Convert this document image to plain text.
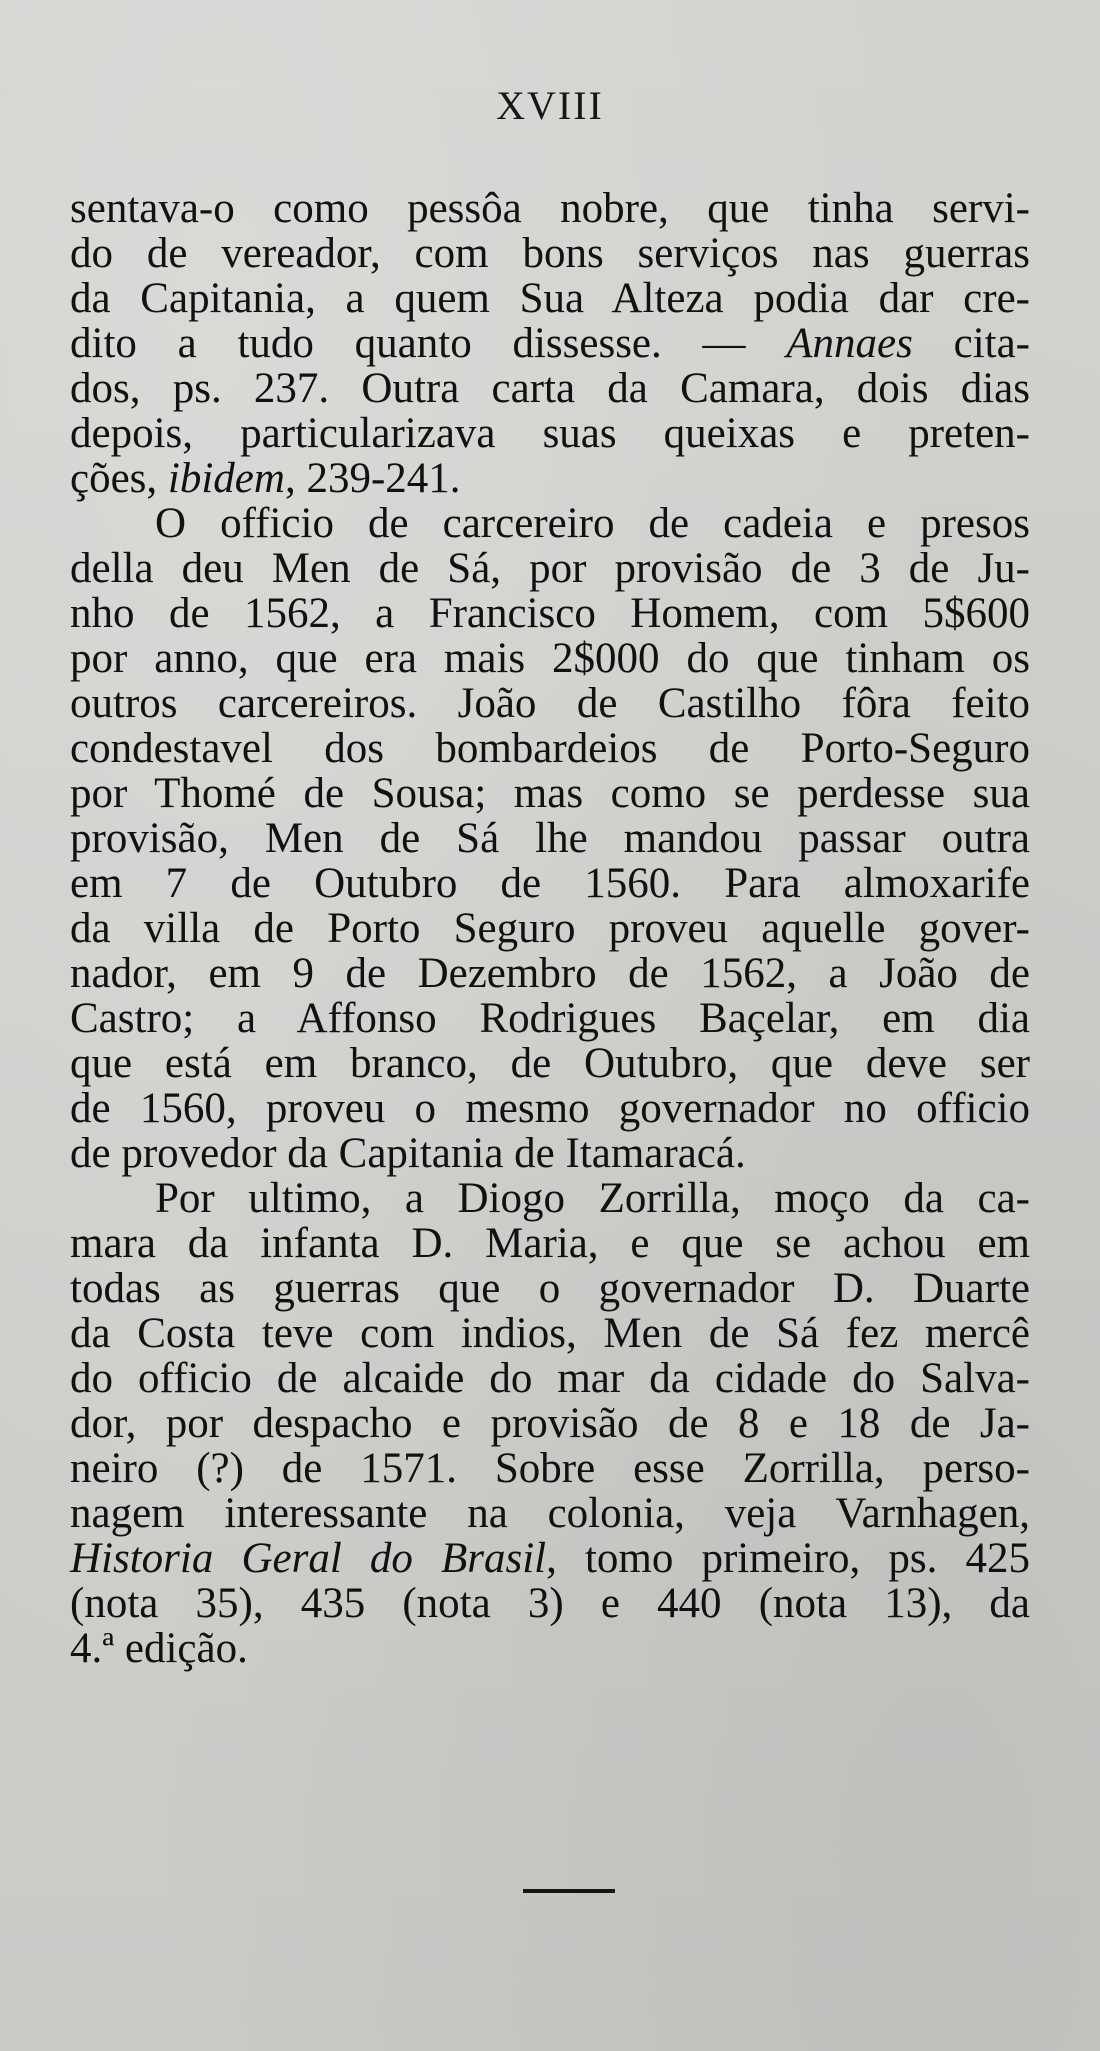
XVIII
sentava-o como pessôa nobre, que tinha servi-
do de vereador, com bons serviços nas guerras
da Capitania, a quem Sua Alteza podia dar cre-
dito a tudo quanto dissesse. — Annaes cita-
dos, ps. 237. Outra carta da Camara, dois dias
depois, particularizava suas queixas e preten-
ções, ibidem, 239-241.
O officio de carcereiro de cadeia e presos
della deu Men de Sá, por provisão de 3 de Ju-
nho de 1562, a Francisco Homem, com 5$600
por anno, que era mais 2$000 do que tinham os
outros carcereiros. João de Castilho fôra feito
condestavel dos bombardeios de Porto-Seguro
por Thomé de Sousa; mas como se perdesse sua
provisão, Men de Sá lhe mandou passar outra
em 7 de Outubro de 1560. Para almoxarife
da villa de Porto Seguro proveu aquelle gover-
nador, em 9 de Dezembro de 1562, a João de
Castro; a Affonso Rodrigues Baçelar, em dia
que está em branco, de Outubro, que deve ser
de 1560, proveu o mesmo governador no officio
de provedor da Capitania de Itamaracá.
Por ultimo, a Diogo Zorrilla, moço da ca-
mara da infanta D. Maria, e que se achou em
todas as guerras que o governador D. Duarte
da Costa teve com indios, Men de Sá fez mercê
do officio de alcaide do mar da cidade do Salva-
dor, por despacho e provisão de 8 e 18 de Ja-
neiro (?) de 1571. Sobre esse Zorrilla, perso-
nagem interessante na colonia, veja Varnhagen,
Historia Geral do Brasil, tomo primeiro, ps. 425
(nota 35), 435 (nota 3) e 440 (nota 13), da
4.ª edição.
